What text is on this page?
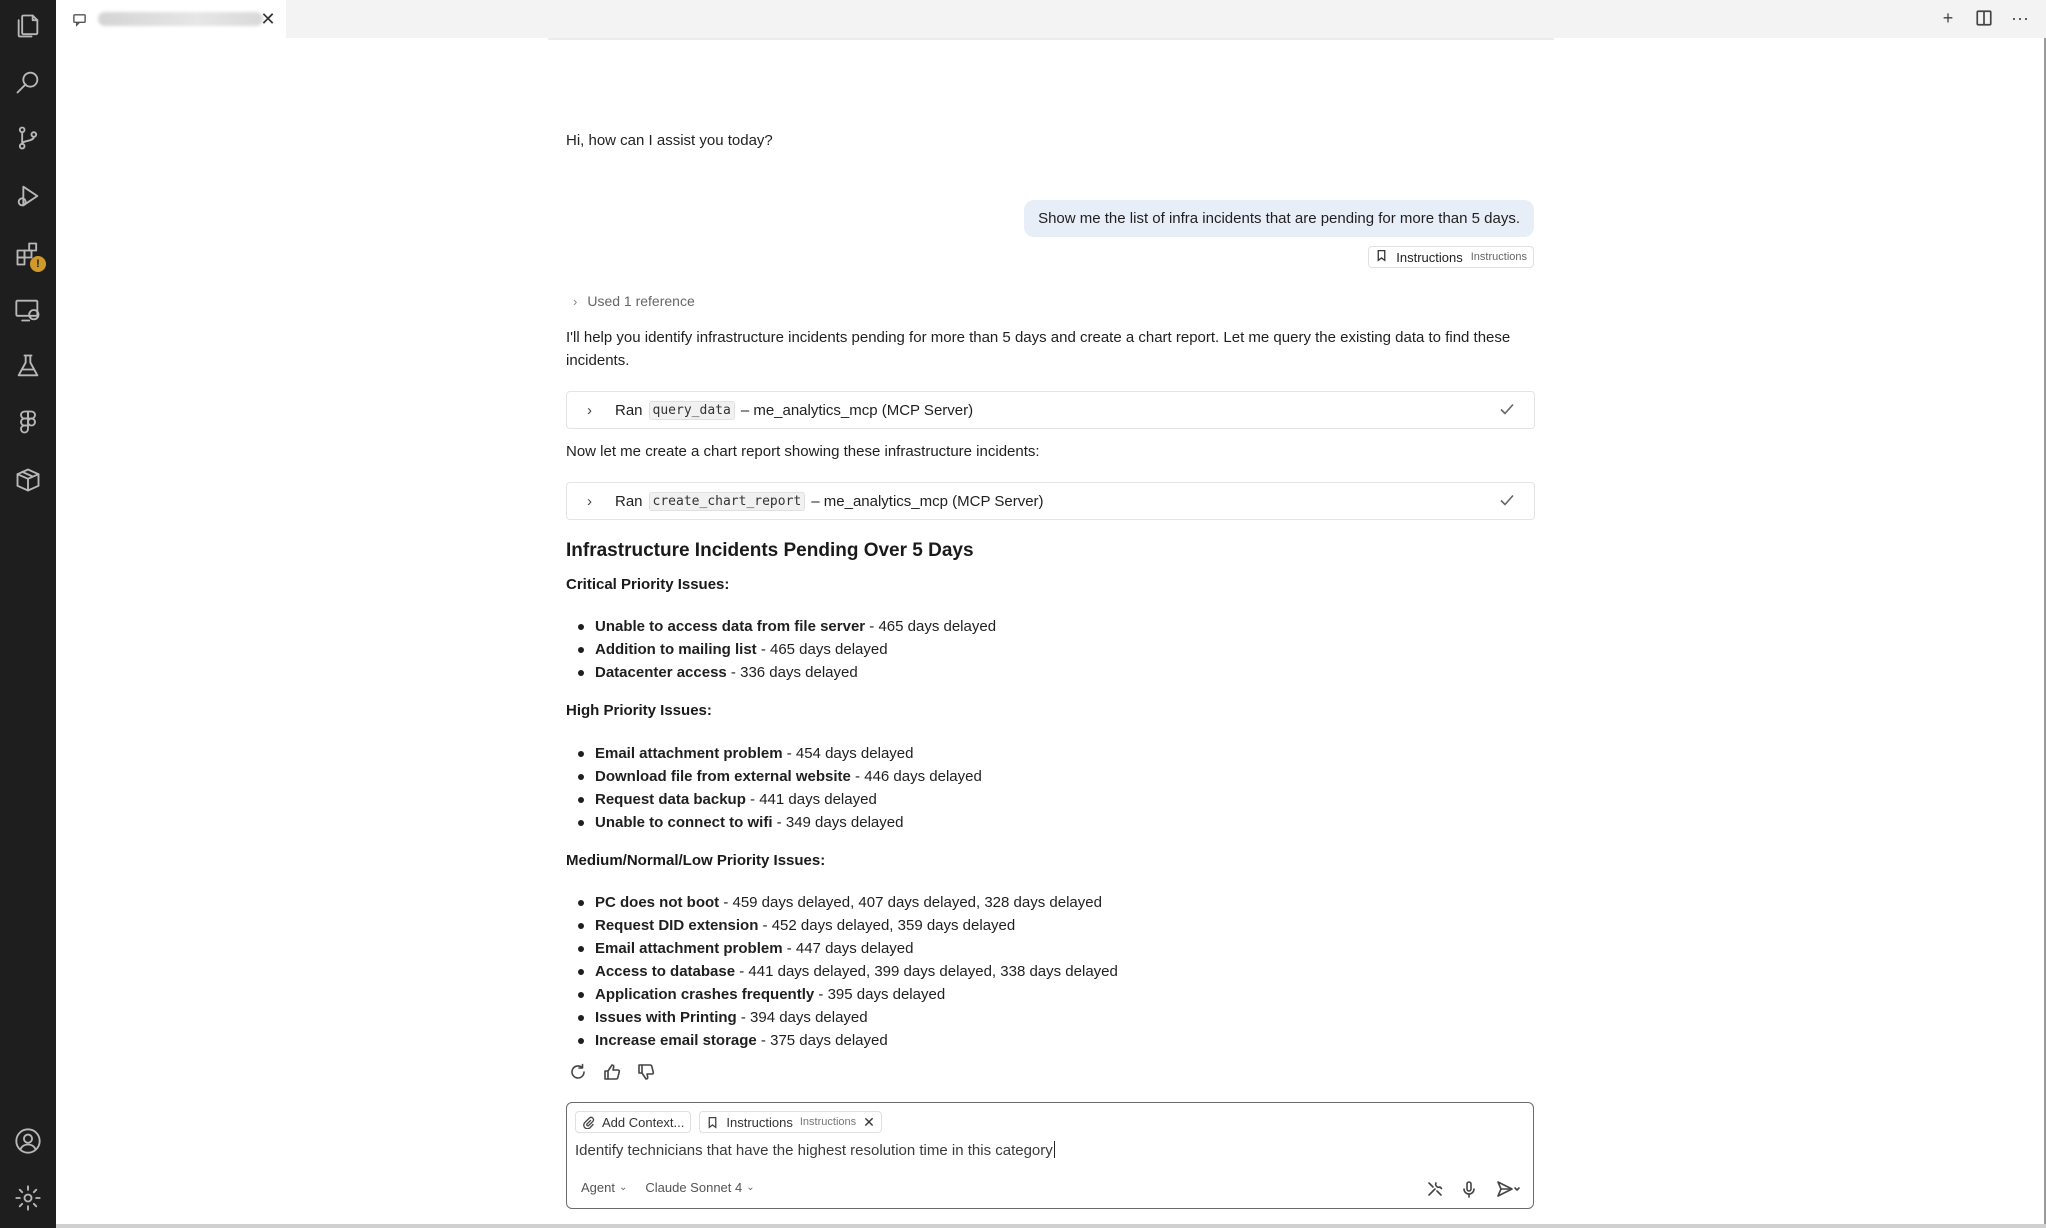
!
✕	+	···
Hi, how can I assist you today?
Show me the list of infra incidents that are pending for more than 5 days.
Instructions Instructions
› Used 1 reference
I'll help you identify infrastructure incidents pending for more than 5 days and create a chart report. Let me query the existing data to find these incidents.
›	Ran query_data – me_analytics_mcp (MCP Server)
Now let me create a chart report showing these infrastructure incidents:
›	Ran create_chart_report – me_analytics_mcp (MCP Server)
Infrastructure Incidents Pending Over 5 Days
Critical Priority Issues:
Unable to access data from file server - 465 days delayed
Addition to mailing list - 465 days delayed
Datacenter access - 336 days delayed
High Priority Issues:
Email attachment problem - 454 days delayed
Download file from external website - 446 days delayed
Request data backup - 441 days delayed
Unable to connect to wifi - 349 days delayed
Medium/Normal/Low Priority Issues:
PC does not boot - 459 days delayed, 407 days delayed, 328 days delayed
Request DID extension - 452 days delayed, 359 days delayed
Email attachment problem - 447 days delayed
Access to database - 441 days delayed, 399 days delayed, 338 days delayed
Application crashes frequently - 395 days delayed
Issues with Printing - 394 days delayed
Increase email storage - 375 days delayed
Add Context...	Instructions Instructions ✕
Identify technicians that have the highest resolution time in this category
Agent ⌄ Claude Sonnet 4 ⌄
